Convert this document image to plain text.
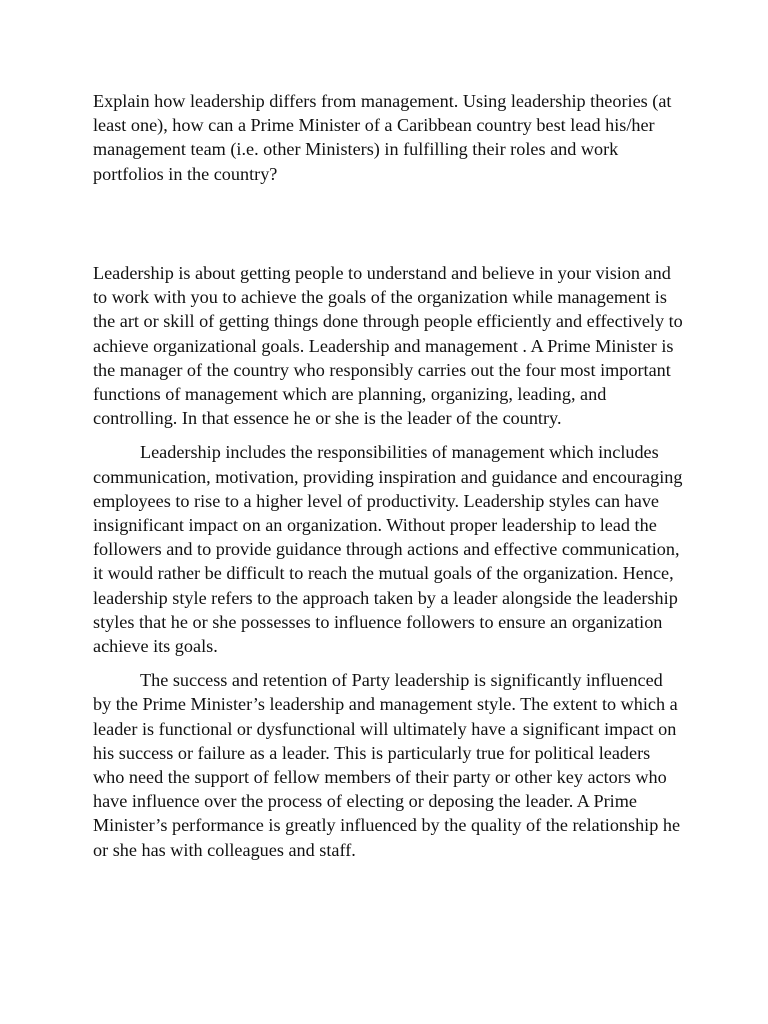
Explain how leadership differs from management. Using leadership theories (at least one), how can a Prime Minister of a Caribbean country best lead his/her management team (i.e. other Ministers) in fulfilling their roles and work portfolios in the country?

Leadership is about getting people to understand and believe in your vision and to work with you to achieve the goals of the organization while management is the art or skill of getting things done through people efficiently and effectively to achieve organizational goals. Leadership and management . A Prime Minister is the manager of the country who responsibly carries out the four most important functions of management which are planning, organizing, leading, and controlling. In that essence he or she is the leader of the country.

Leadership includes the responsibilities of management which includes communication, motivation, providing inspiration and guidance and encouraging employees to rise to a higher level of productivity. Leadership styles can have insignificant impact on an organization. Without proper leadership to lead the followers and to provide guidance through actions and effective communication, it would rather be difficult to reach the mutual goals of the organization. Hence, leadership style refers to the approach taken by a leader alongside the leadership styles that he or she possesses to influence followers to ensure an organization achieve its goals.

The success and retention of Party leadership is significantly influenced by the Prime Minister’s leadership and management style. The extent to which a leader is functional or dysfunctional will ultimately have a significant impact on his success or failure as a leader. This is particularly true for political leaders who need the support of fellow members of their party or other key actors who have influence over the process of electing or deposing the leader. A Prime Minister’s performance is greatly influenced by the quality of the relationship he or she has with colleagues and staff.
